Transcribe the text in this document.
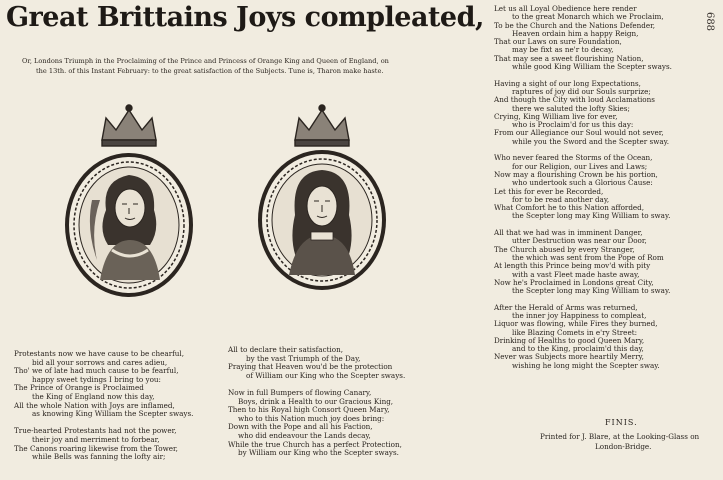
Great Brittains Joys compleated,
Or, Londons Triumph in the Proclaiming of the Prince and Princess of Orange King and Queen of England, on
the 13th. of this Instant February: to the great satisfaction of the Subjects. Tune is, Tharon make haste.
688
Protestants now we have cause to be chearful,
bid all your sorrows and cares adieu,
Tho' we of late had much cause to be fearful,
happy sweet tydings I bring to you:
The Prince of Orange is Proclaimed
the King of England now this day,
All the whole Nation with Joys are inflamed,
as knowing King William the Scepter sways.

True-hearted Protestants had not the power,
their joy and merriment to forbear,
The Canons roaring likewise from the Tower,
while Bells was fanning the lofty air;
All to declare their satisfaction,
by the vast Triumph of the Day,
Praying that Heaven wou'd be the protection
of William our King who the Scepter sways.

Now in full Bumpers of flowing Canary,
Boys, drink a Health to our Gracious King,
Then to his Royal high Consort Queen Mary,
who to this Nation much joy does bring:
Down with the Pope and all his Faction,
who did endeavour the Lands decay,
While the true Church has a perfect Protection,
by William our King who the Scepter sways.
Let us all Loyal Obedience here render
to the great Monarch which we Proclaim,
To be the Church and the Nations Defender,
Heaven ordain him a happy Reign,
That our Laws on sure Foundation,
may be fixt as ne'r to decay,
That may see a sweet flourishing Nation,
while good King William the Scepter sways.

Having a sight of our long Expectations,
raptures of joy did our Souls surprize;
And though the City with loud Acclamations
there we saluted the lofty Skies;
Crying, King William live for ever,
who is Proclaim'd for us this day:
From our Allegiance our Soul would not sever,
while you the Sword and the Scepter sway.

Who never feared the Storms of the Ocean,
for our Religion, our Lives and Laws;
Now may a flourishing Crown be his portion,
who undertook such a Glorious Cause:
Let this for ever be Recorded,
for to be read another day,
What Comfort he to this Nation afforded,
the Scepter long may King William to sway.

All that we had was in imminent Danger,
utter Destruction was near our Door,
The Church abused by every Stranger,
the which was sent from the Pope of Rom
At length this Prince being mov'd with pity
with a vast Fleet made haste away,
Now he's Proclaimed in Londons great City,
the Scepter long may King William to sway.

After the Herald of Arms was returned,
the inner joy Happiness to compleat,
Liquor was flowing, while Fires they burned,
like Blazing Comets in e'ry Street:
Drinking of Healths to good Queen Mary,
and to the King, proclaim'd this day,
Never was Subjects more heartily Merry,
wishing he long might the Scepter sway.
FINIS.
Printed for J. Blare, at the Looking-Glass on
London-Bridge.
